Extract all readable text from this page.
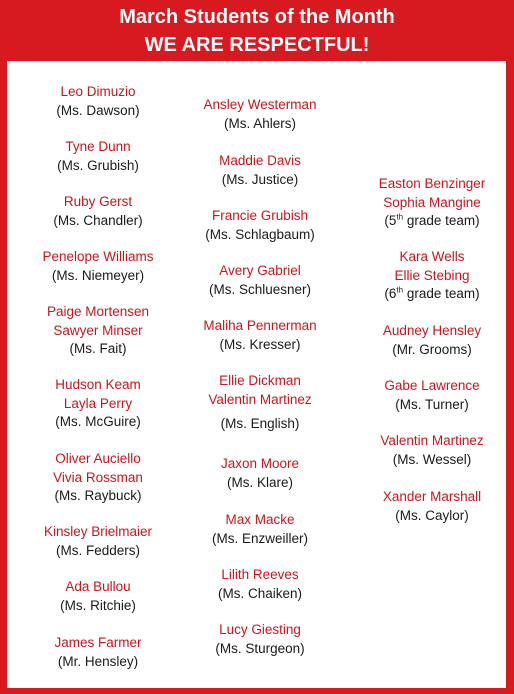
March Students of the Month
WE ARE RESPECTFUL!
Leo Dimuzio
(Ms. Dawson)
Tyne Dunn
(Ms. Grubish)
Ruby Gerst
(Ms. Chandler)
Penelope Williams
(Ms. Niemeyer)
Paige Mortensen
Sawyer Minser
(Ms. Fait)
Hudson Keam
Layla Perry
(Ms. McGuire)
Oliver Auciello
Vivia Rossman
(Ms. Raybuck)
Kinsley Brielmaier
(Ms. Fedders)
Ada Bullou
(Ms. Ritchie)
James Farmer
(Mr. Hensley)
Ansley Westerman
(Ms. Ahlers)
Maddie Davis
(Ms. Justice)
Francie Grubish
(Ms. Schlagbaum)
Avery Gabriel
(Ms. Schluesner)
Maliha Pennerman
(Ms. Kresser)
Ellie Dickman
Valentin Martinez
(Ms. English)
Jaxon Moore
(Ms. Klare)
Max Macke
(Ms. Enzweiller)
Lilith Reeves
(Ms. Chaiken)
Lucy Giesting
(Ms. Sturgeon)
Easton Benzinger
Sophia Mangine
(5th grade team)
Kara Wells
Ellie Stebing
(6th grade team)
Audney Hensley
(Mr. Grooms)
Gabe Lawrence
(Ms. Turner)
Valentin Martinez
(Ms. Wessel)
Xander Marshall
(Ms. Caylor)
